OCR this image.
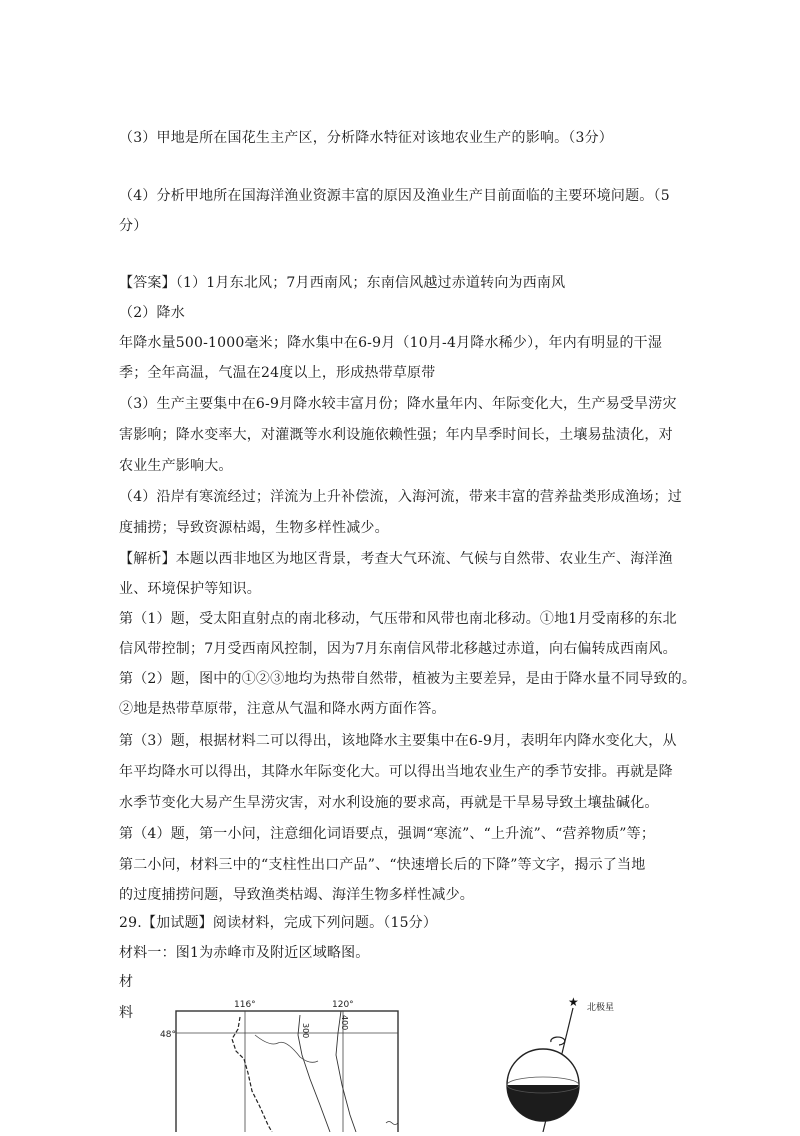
（3）甲地是所在国花生主产区，分析降水特征对该地农业生产的影响。（3分）
（4）分析甲地所在国海洋渔业资源丰富的原因及渔业生产目前面临的主要环境问题。（5
分）
【答案】（1）1月东北风；7月西南风；东南信风越过赤道转向为西南风
（2）降水
年降水量500-1000毫米；降水集中在6-9月（10月-4月降水稀少），年内有明显的干湿
季；全年高温，气温在24度以上，形成热带草原带
（3）生产主要集中在6-9月降水较丰富月份；降水量年内、年际变化大，生产易受旱涝灾
害影响；降水变率大，对灌溉等水利设施依赖性强；年内旱季时间长，土壤易盐渍化，对
农业生产影响大。
（4）沿岸有寒流经过；洋流为上升补偿流，入海河流，带来丰富的营养盐类形成渔场；过
度捕捞；导致资源枯竭，生物多样性减少。
【解析】本题以西非地区为地区背景，考查大气环流、气候与自然带、农业生产、海洋渔
业、环境保护等知识。
第（1）题，受太阳直射点的南北移动，气压带和风带也南北移动。①地1月受南移的东北
信风带控制；7月受西南风控制，因为7月东南信风带北移越过赤道，向右偏转成西南风。
第（2）题，图中的①②③地均为热带自然带，植被为主要差异，是由于降水量不同导致的。
②地是热带草原带，注意从气温和降水两方面作答。
第（3）题，根据材料二可以得出，该地降水主要集中在6-9月，表明年内降水变化大，从
年平均降水可以得出，其降水年际变化大。可以得出当地农业生产的季节安排。再就是降
水季节变化大易产生旱涝灾害，对水利设施的要求高，再就是干旱易导致土壤盐碱化。
第（4）题，第一小问，注意细化词语要点，强调“寒流”、“上升流”、“营养物质”等；
第二小问，材料三中的“支柱性出口产品”、“快速增长后的下降”等文字，揭示了当地
的过度捕捞问题，导致渔类枯竭、海洋生物多样性减少。
29.【加试题】阅读材料，完成下列问题。（15分）
材料一：图1为赤峰市及附近区域略图。
材
料	116°	120°
48°	300
400
★ 北极星
